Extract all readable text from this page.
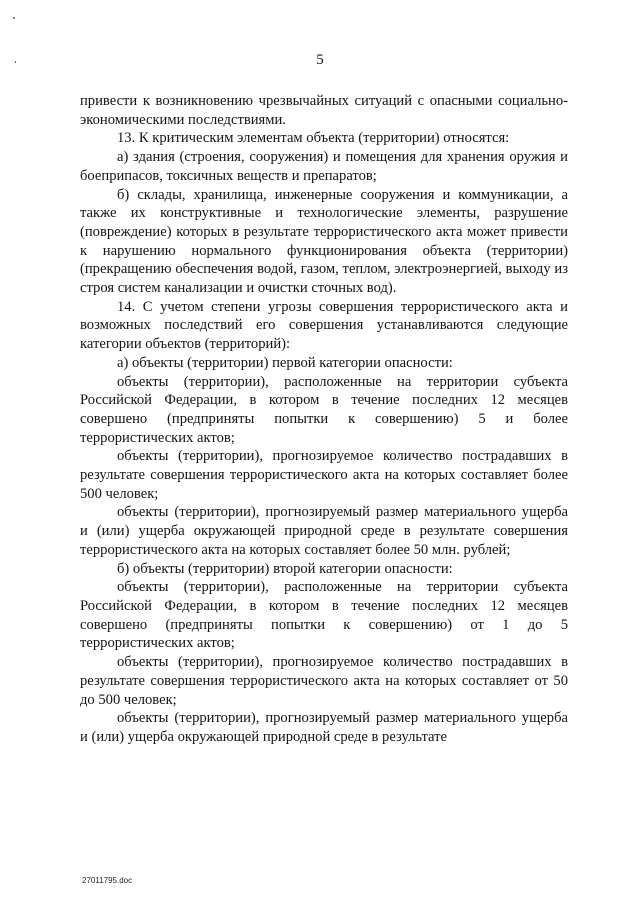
5

привести к возникновению чрезвычайных ситуаций с опасными социально-экономическими последствиями.

13. К критическим элементам объекта (территории) относятся:

а) здания (строения, сооружения) и помещения для хранения оружия и боеприпасов, токсичных веществ и препаратов;

б) склады, хранилища, инженерные сооружения и коммуникации, а также их конструктивные и технологические элементы, разрушение (повреждение) которых в результате террористического акта может привести к нарушению нормального функционирования объекта (территории) (прекращению обеспечения водой, газом, теплом, электроэнергией, выходу из строя систем канализации и очистки сточных вод).

14. С учетом степени угрозы совершения террористического акта и возможных последствий его совершения устанавливаются следующие категории объектов (территорий):

а) объекты (территории) первой категории опасности:

объекты (территории), расположенные на территории субъекта Российской Федерации, в котором в течение последних 12 месяцев совершено (предприняты попытки к совершению) 5 и более террористических актов;

объекты (территории), прогнозируемое количество пострадавших в результате совершения террористического акта на которых составляет более 500 человек;

объекты (территории), прогнозируемый размер материального ущерба и (или) ущерба окружающей природной среде в результате совершения террористического акта на которых составляет более 50 млн. рублей;

б) объекты (территории) второй категории опасности:

объекты (территории), расположенные на территории субъекта Российской Федерации, в котором в течение последних 12 месяцев совершено (предприняты попытки к совершению) от 1 до 5 террористических актов;

объекты (территории), прогнозируемое количество пострадавших в результате совершения террористического акта на которых составляет от 50 до 500 человек;

объекты (территории), прогнозируемый размер материального ущерба и (или) ущерба окружающей природной среде в результате

27011795.doc
